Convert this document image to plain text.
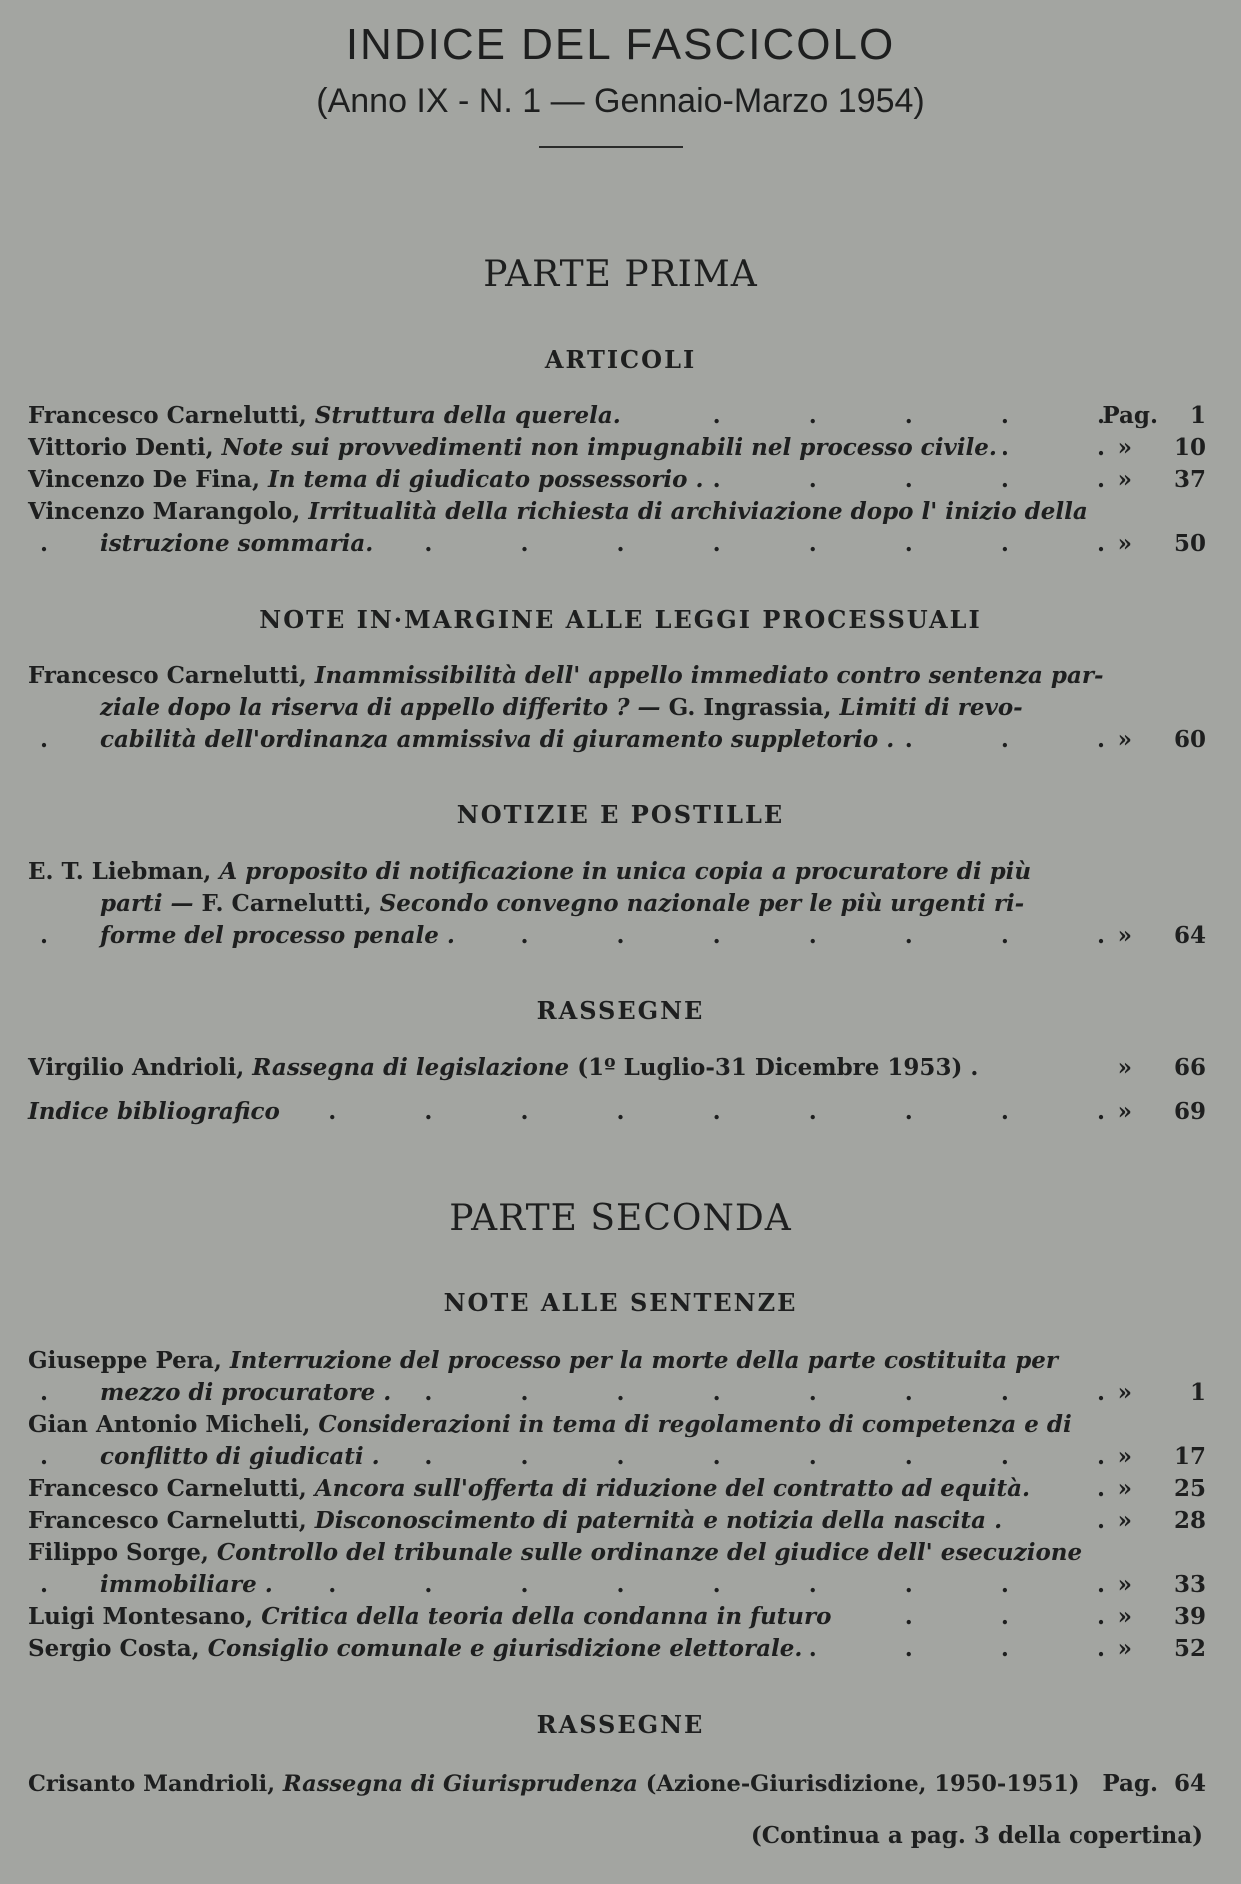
INDICE DEL FASCICOLO
(Anno IX - N. 1 — Gennaio-Marzo 1954)
PARTE PRIMA
ARTICOLI
Francesco Carnelutti, Struttura della querela. .	Pag.	1
Vittorio Denti, Note sui provvedimenti non impugnabili nel processo civile. .	»	10
Vincenzo De Fina, In tema di giudicato possessorio . .	»	37
Vincenzo Marangolo, Irritualità della richiesta di archiviazione dopo l' inizio della
istruzione sommaria. .	»	50
NOTE IN·MARGINE ALLE LEGGI PROCESSUALI
Francesco Carnelutti, Inammissibilità dell' appello immediato contro sentenza par-
ziale dopo la riserva di appello differito ? — G. Ingrassia, Limiti di revo-
cabilità dell'ordinanza ammissiva di giuramento suppletorio . .	»	60
NOTIZIE E POSTILLE
E. T. Liebman, A proposito di notificazione in unica copia a procuratore di più
parti — F. Carnelutti, Secondo convegno nazionale per le più urgenti ri-
forme del processo penale . .	»	64
RASSEGNE
Virgilio Andrioli, Rassegna di legislazione (1º Luglio-31 Dicembre 1953) .	»	66
Indice bibliografico .	»	69
PARTE SECONDA
NOTE ALLE SENTENZE
Giuseppe Pera, Interruzione del processo per la morte della parte costituita per
mezzo di procuratore . .	»	1
Gian Antonio Micheli, Considerazioni in tema di regolamento di competenza e di
conflitto di giudicati . .	»	17
Francesco Carnelutti, Ancora sull'offerta di riduzione del contratto ad equità. .	»	25
Francesco Carnelutti, Disconoscimento di paternità e notizia della nascita . .	»	28
Filippo Sorge, Controllo del tribunale sulle ordinanze del giudice dell' esecuzione
immobiliare . .	»	33
Luigi Montesano, Critica della teoria della condanna in futuro .	»	39
Sergio Costa, Consiglio comunale e giurisdizione elettorale. .	»	52
RASSEGNE
Crisanto Mandrioli, Rassegna di Giurisprudenza (Azione-Giurisdizione, 1950-1951) Pag. 64
(Continua a pag. 3 della copertina)
